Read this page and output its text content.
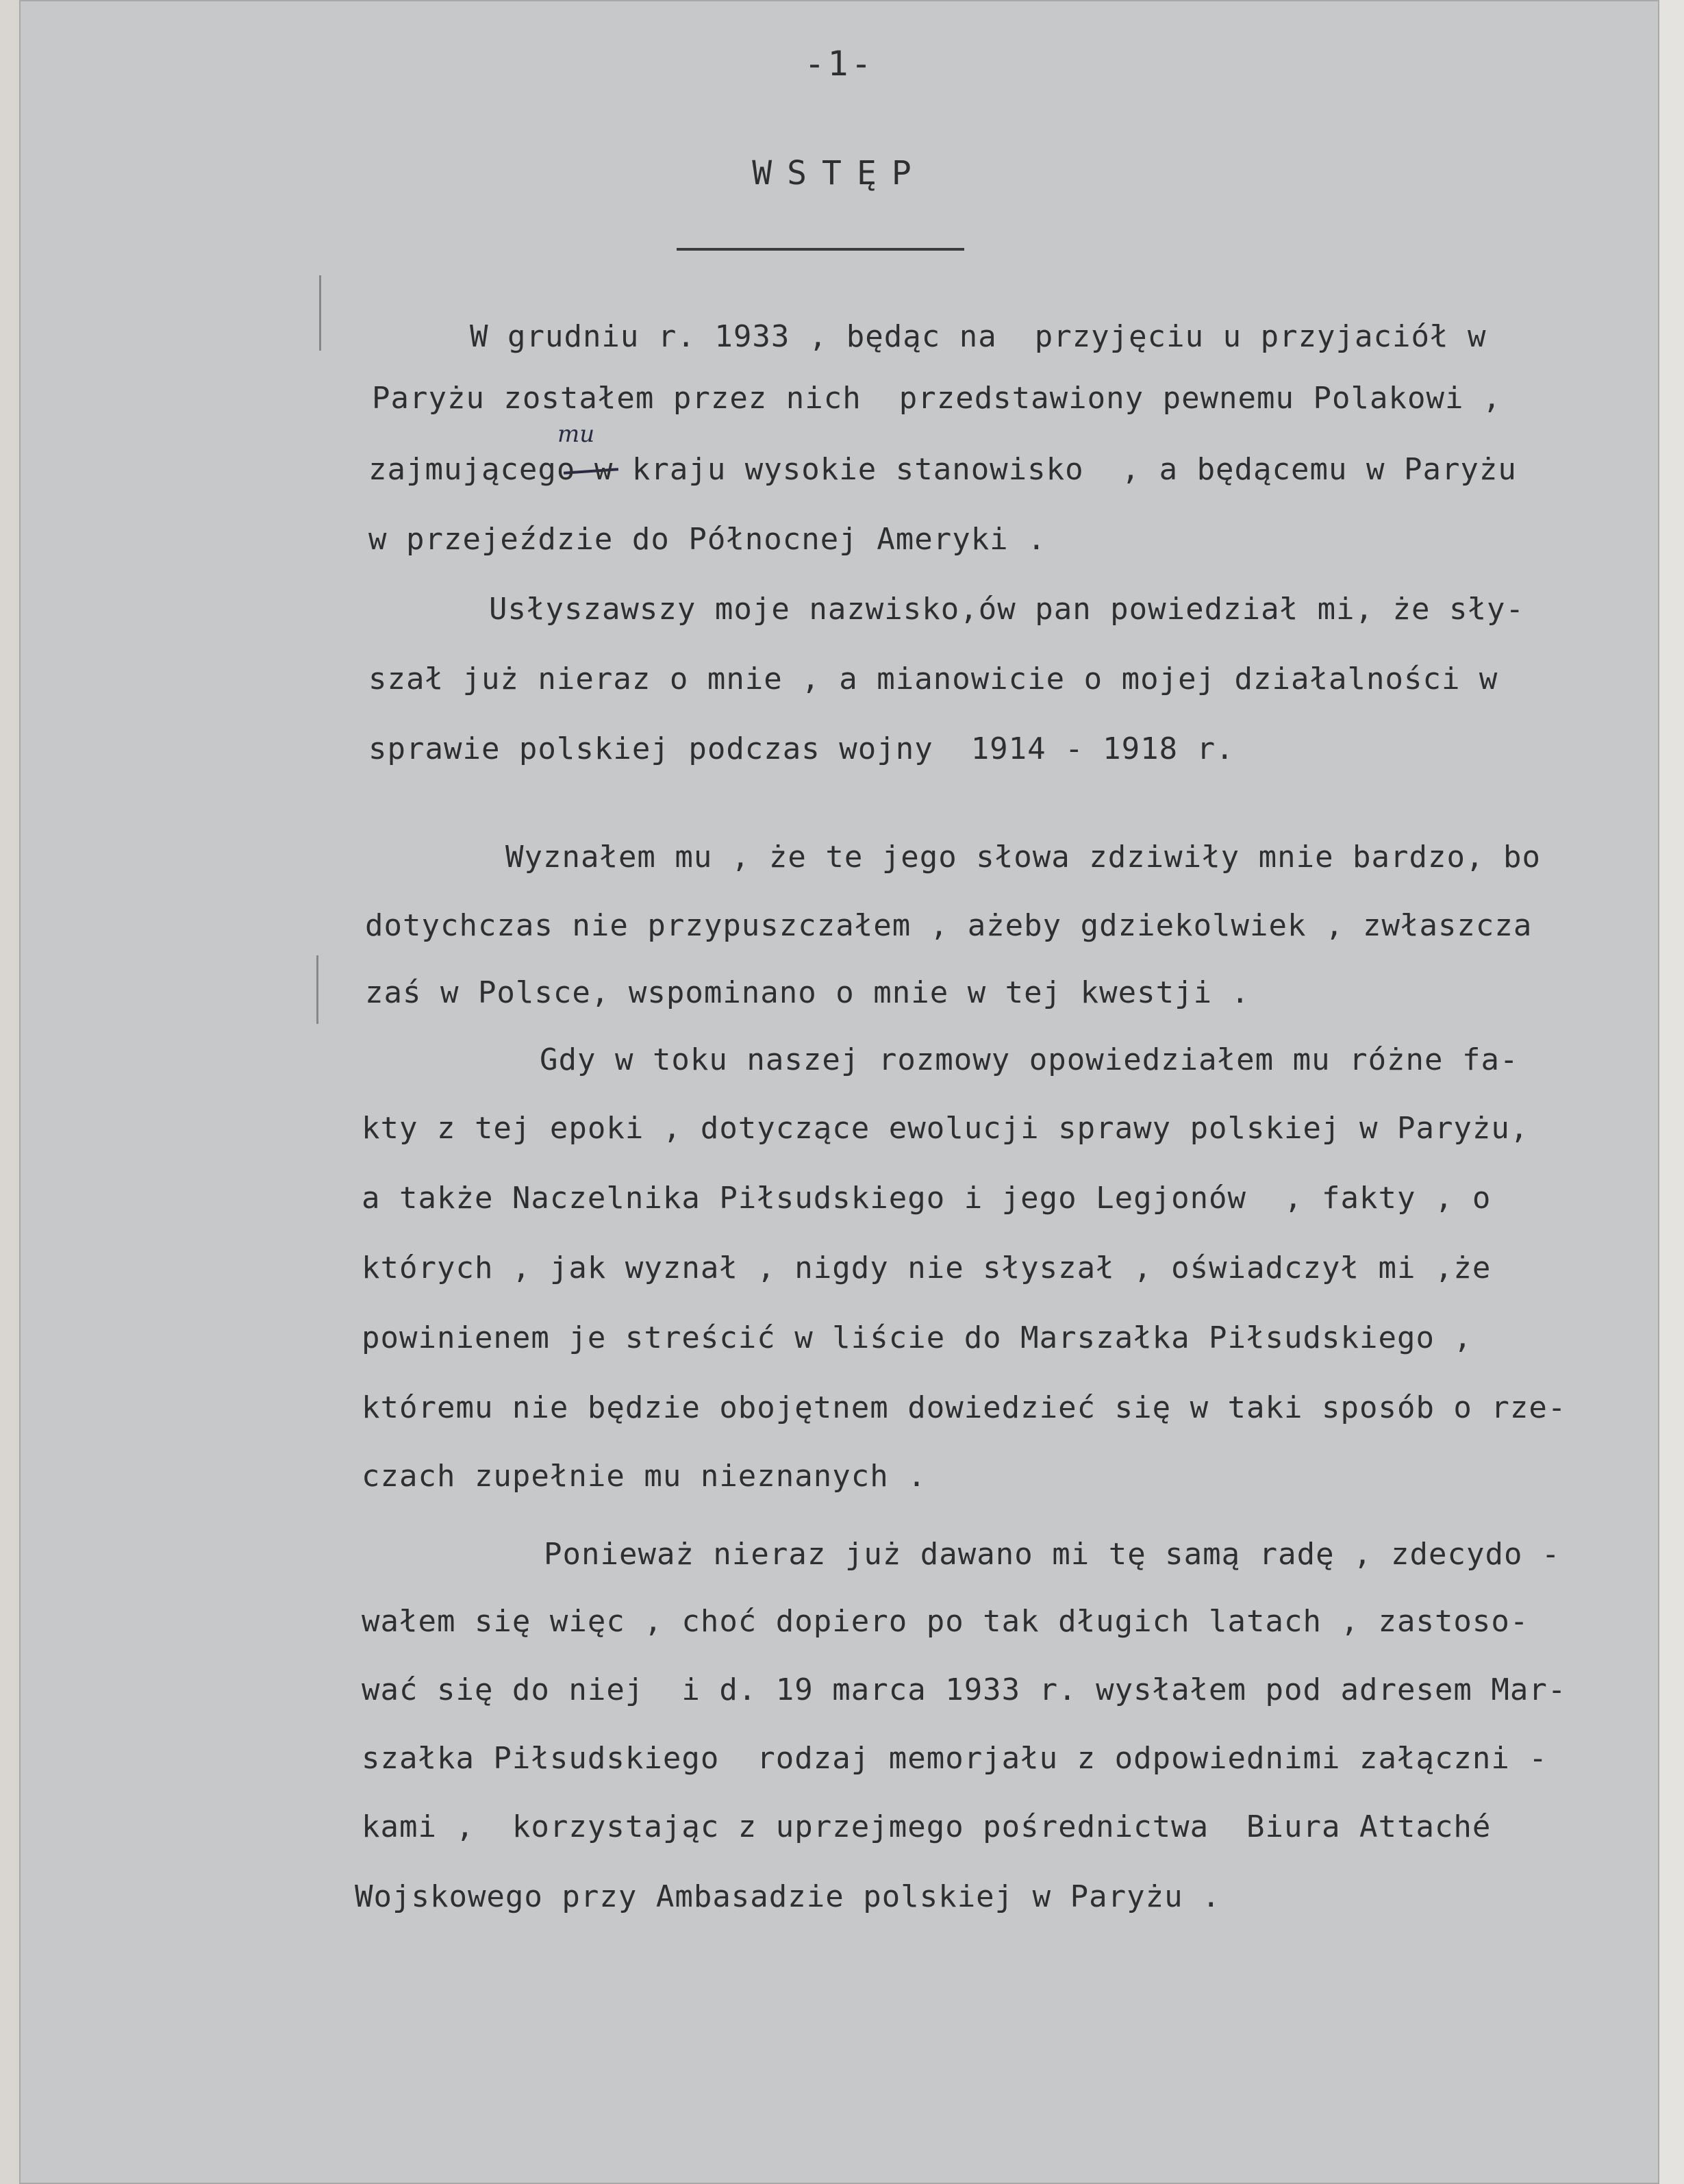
-1-
WSTĘP
mu
W grudniu r. 1933 , będąc na  przyjęciu u przyjaciół w
Paryżu zostałem przez nich  przedstawiony pewnemu Polakowi ,
zajmującego w kraju wysokie stanowisko  , a będącemu w Paryżu
w przejeździe do Północnej Ameryki .
Usłyszawszy moje nazwisko,ów pan powiedział mi, że sły-
szał już nieraz o mnie , a mianowicie o mojej działalności w
sprawie polskiej podczas wojny  1914 - 1918 r.
Wyznałem mu , że te jego słowa zdziwiły mnie bardzo, bo
dotychczas nie przypuszczałem , ażeby gdziekolwiek , zwłaszcza
zaś w Polsce, wspominano o mnie w tej kwestji .
Gdy w toku naszej rozmowy opowiedziałem mu różne fa-
kty z tej epoki , dotyczące ewolucji sprawy polskiej w Paryżu,
a także Naczelnika Piłsudskiego i jego Legjonów  , fakty , o
których , jak wyznał , nigdy nie słyszał , oświadczył mi ,że
powinienem je streścić w liście do Marszałka Piłsudskiego ,
któremu nie będzie obojętnem dowiedzieć się w taki sposób o rze-
czach zupełnie mu nieznanych .
Ponieważ nieraz już dawano mi tę samą radę , zdecydo -
wałem się więc , choć dopiero po tak długich latach , zastoso-
wać się do niej  i d. 19 marca 1933 r. wysłałem pod adresem Mar-
szałka Piłsudskiego  rodzaj memorjału z odpowiednimi załączni -
kami ,  korzystając z uprzejmego pośrednictwa  Biura Attaché
Wojskowego przy Ambasadzie polskiej w Paryżu .
